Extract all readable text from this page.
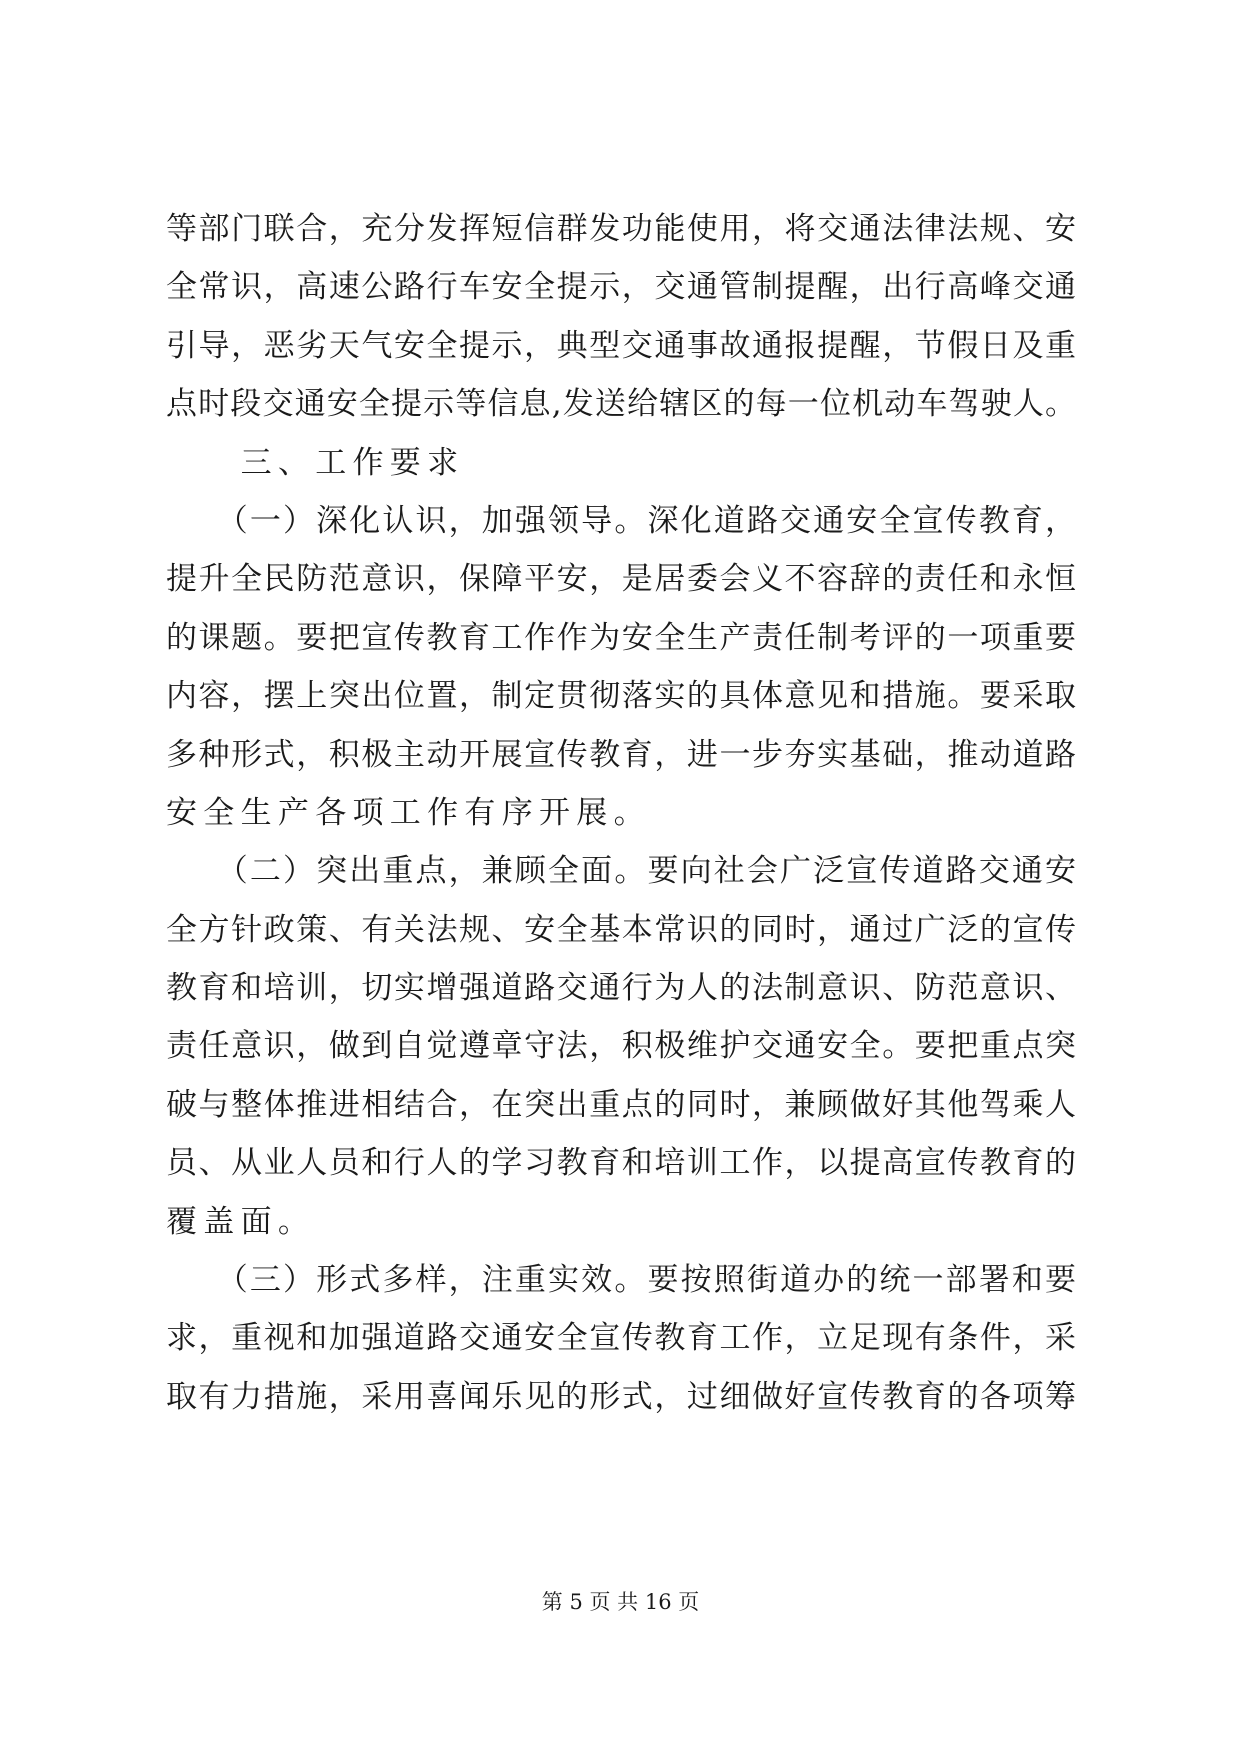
等部门联合，充分发挥短信群发功能使用，将交通法律法规、安
全常识，高速公路行车安全提示，交通管制提醒，出行高峰交通
引导，恶劣天气安全提示，典型交通事故通报提醒，节假日及重
点时段交通安全提示等信息,发送给辖区的每一位机动车驾驶人。
　　三、工作要求
　　（一）深化认识，加强领导。深化道路交通安全宣传教育，
提升全民防范意识，保障平安，是居委会义不容辞的责任和永恒
的课题。要把宣传教育工作作为安全生产责任制考评的一项重要
内容，摆上突出位置，制定贯彻落实的具体意见和措施。要采取
多种形式，积极主动开展宣传教育，进一步夯实基础，推动道路
安全生产各项工作有序开展。
　　（二）突出重点，兼顾全面。要向社会广泛宣传道路交通安
全方针政策、有关法规、安全基本常识的同时，通过广泛的宣传
教育和培训，切实增强道路交通行为人的法制意识、防范意识、
责任意识，做到自觉遵章守法，积极维护交通安全。要把重点突
破与整体推进相结合，在突出重点的同时，兼顾做好其他驾乘人
员、从业人员和行人的学习教育和培训工作，以提高宣传教育的
覆盖面。
　　（三）形式多样，注重实效。要按照街道办的统一部署和要
求，重视和加强道路交通安全宣传教育工作，立足现有条件，采
取有力措施，采用喜闻乐见的形式，过细做好宣传教育的各项筹
第 5 页 共 16 页
